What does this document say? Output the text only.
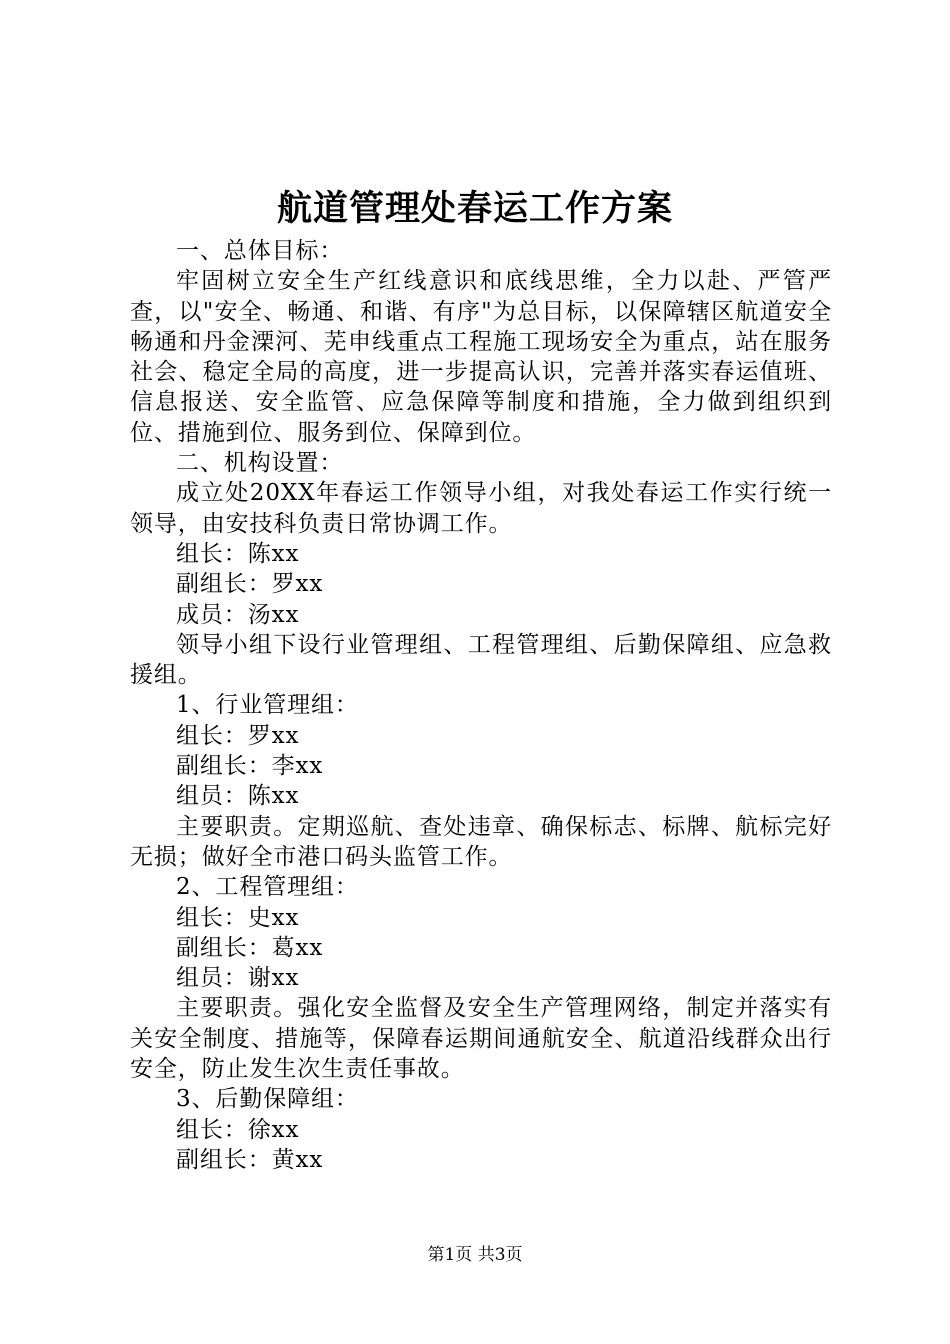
航道管理处春运工作方案

一、总体目标：

牢固树立安全生产红线意识和底线思维，全力以赴、严管严查，以"安全、畅通、和谐、有序"为总目标，以保障辖区航道安全畅通和丹金溧河、芜申线重点工程施工现场安全为重点，站在服务社会、稳定全局的高度，进一步提高认识，完善并落实春运值班、信息报送、安全监管、应急保障等制度和措施，全力做到组织到位、措施到位、服务到位、保障到位。

二、机构设置：

成立处20XX年春运工作领导小组，对我处春运工作实行统一领导，由安技科负责日常协调工作。

组长：陈xx

副组长：罗xx

成员：汤xx

领导小组下设行业管理组、工程管理组、后勤保障组、应急救援组。

1、行业管理组：

组长：罗xx

副组长：李xx

组员：陈xx

主要职责。定期巡航、查处违章、确保标志、标牌、航标完好无损；做好全市港口码头监管工作。

2、工程管理组：

组长：史xx

副组长：葛xx

组员：谢xx

主要职责。强化安全监督及安全生产管理网络，制定并落实有关安全制度、措施等，保障春运期间通航安全、航道沿线群众出行安全，防止发生次生责任事故。

3、后勤保障组：

组长：徐xx

副组长：黄xx

第1页 共3页
